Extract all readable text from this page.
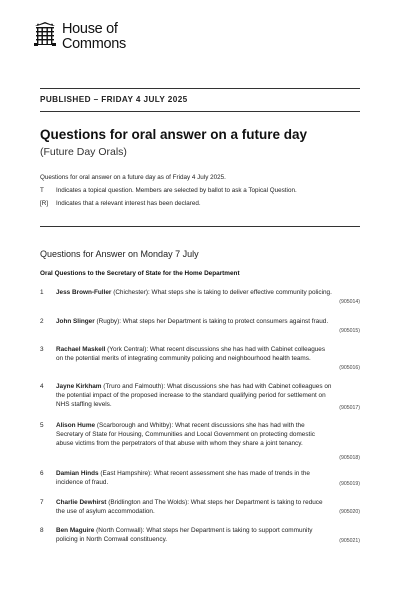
House of
Commons
PUBLISHED – FRIDAY 4 JULY 2025
Questions for oral answer on a future day
(Future Day Orals)
Questions for oral answer on a future day as of Friday 4 July 2025.
T	Indicates a topical question. Members are selected by ballot to ask a Topical Question.
[R]	Indicates that a relevant interest has been declared.
Questions for Answer on Monday 7 July
Oral Questions to the Secretary of State for the Home Department
1	Jess Brown-Fuller (Chichester): What steps she is taking to deliver effective community policing.
(905014)
2	John Slinger (Rugby): What steps her Department is taking to protect consumers against fraud.
(905015)
3	Rachael Maskell (York Central): What recent discussions she has had with Cabinet colleagues on the potential merits of integrating community policing and neighbourhood health teams.
(905016)
4	Jayne Kirkham (Truro and Falmouth): What discussions she has had with Cabinet colleagues on the potential impact of the proposed increase to the standard qualifying period for settlement on NHS staffing levels.	(905017)
5	Alison Hume (Scarborough and Whitby): What recent discussions she has had with the Secretary of State for Housing, Communities and Local Government on protecting domestic abuse victims from the perpetrators of that abuse with whom they share a joint tenancy.
(905018)
6	Damian Hinds (East Hampshire): What recent assessment she has made of trends in the incidence of fraud.	(905019)
7	Charlie Dewhirst (Bridlington and The Wolds): What steps her Department is taking to reduce the use of asylum accommodation.	(905020)
8	Ben Maguire (North Cornwall): What steps her Department is taking to support community policing in North Cornwall constituency.	(905021)
